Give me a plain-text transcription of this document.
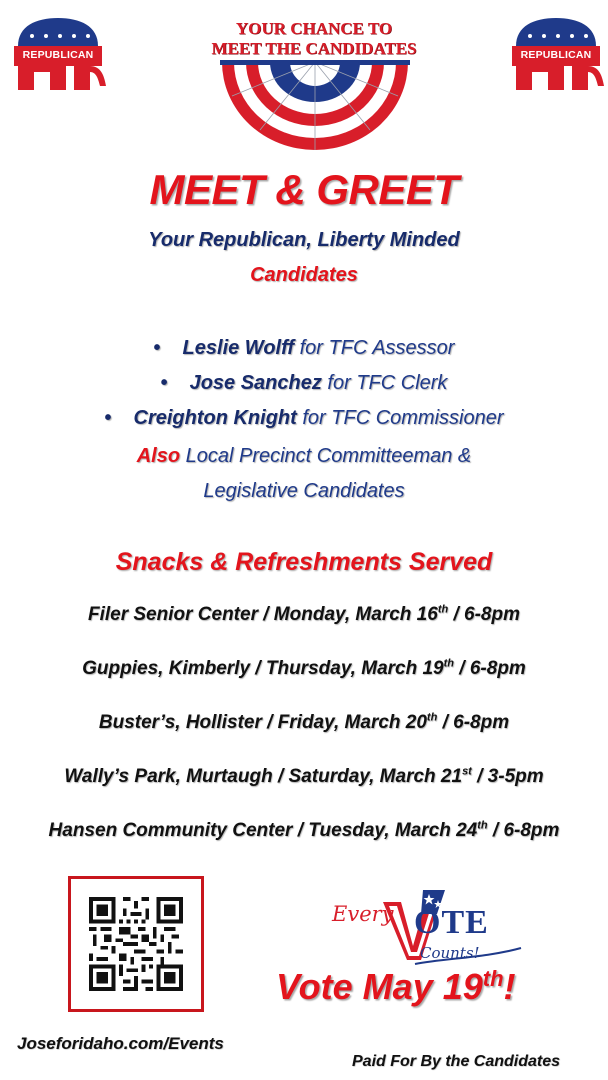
REPUBLICAN	REPUBLICAN
YOUR CHANCE TO
MEET THE CANDIDATES
MEET & GREET
Your Republican, Liberty Minded
Candidates
• Leslie Wolff for TFC Assessor
• Jose Sanchez for TFC Clerk
• Creighton Knight for TFC Commissioner
Also Local Precinct Committeeman &
Legislative Candidates
Snacks & Refreshments Served
Filer Senior Center / Monday, March 16th / 6-8pm
Guppies, Kimberly / Thursday, March 19th / 6-8pm
Buster’s, Hollister / Friday, March 20th / 6-8pm
Wally’s Park, Murtaugh / Saturday, March 21st / 3-5pm
Hansen Community Center / Tuesday, March 24th / 6-8pm
Every OTE
Counts!
Vote May 19th!
Joseforidaho.com/Events
Paid For By the Candidates
